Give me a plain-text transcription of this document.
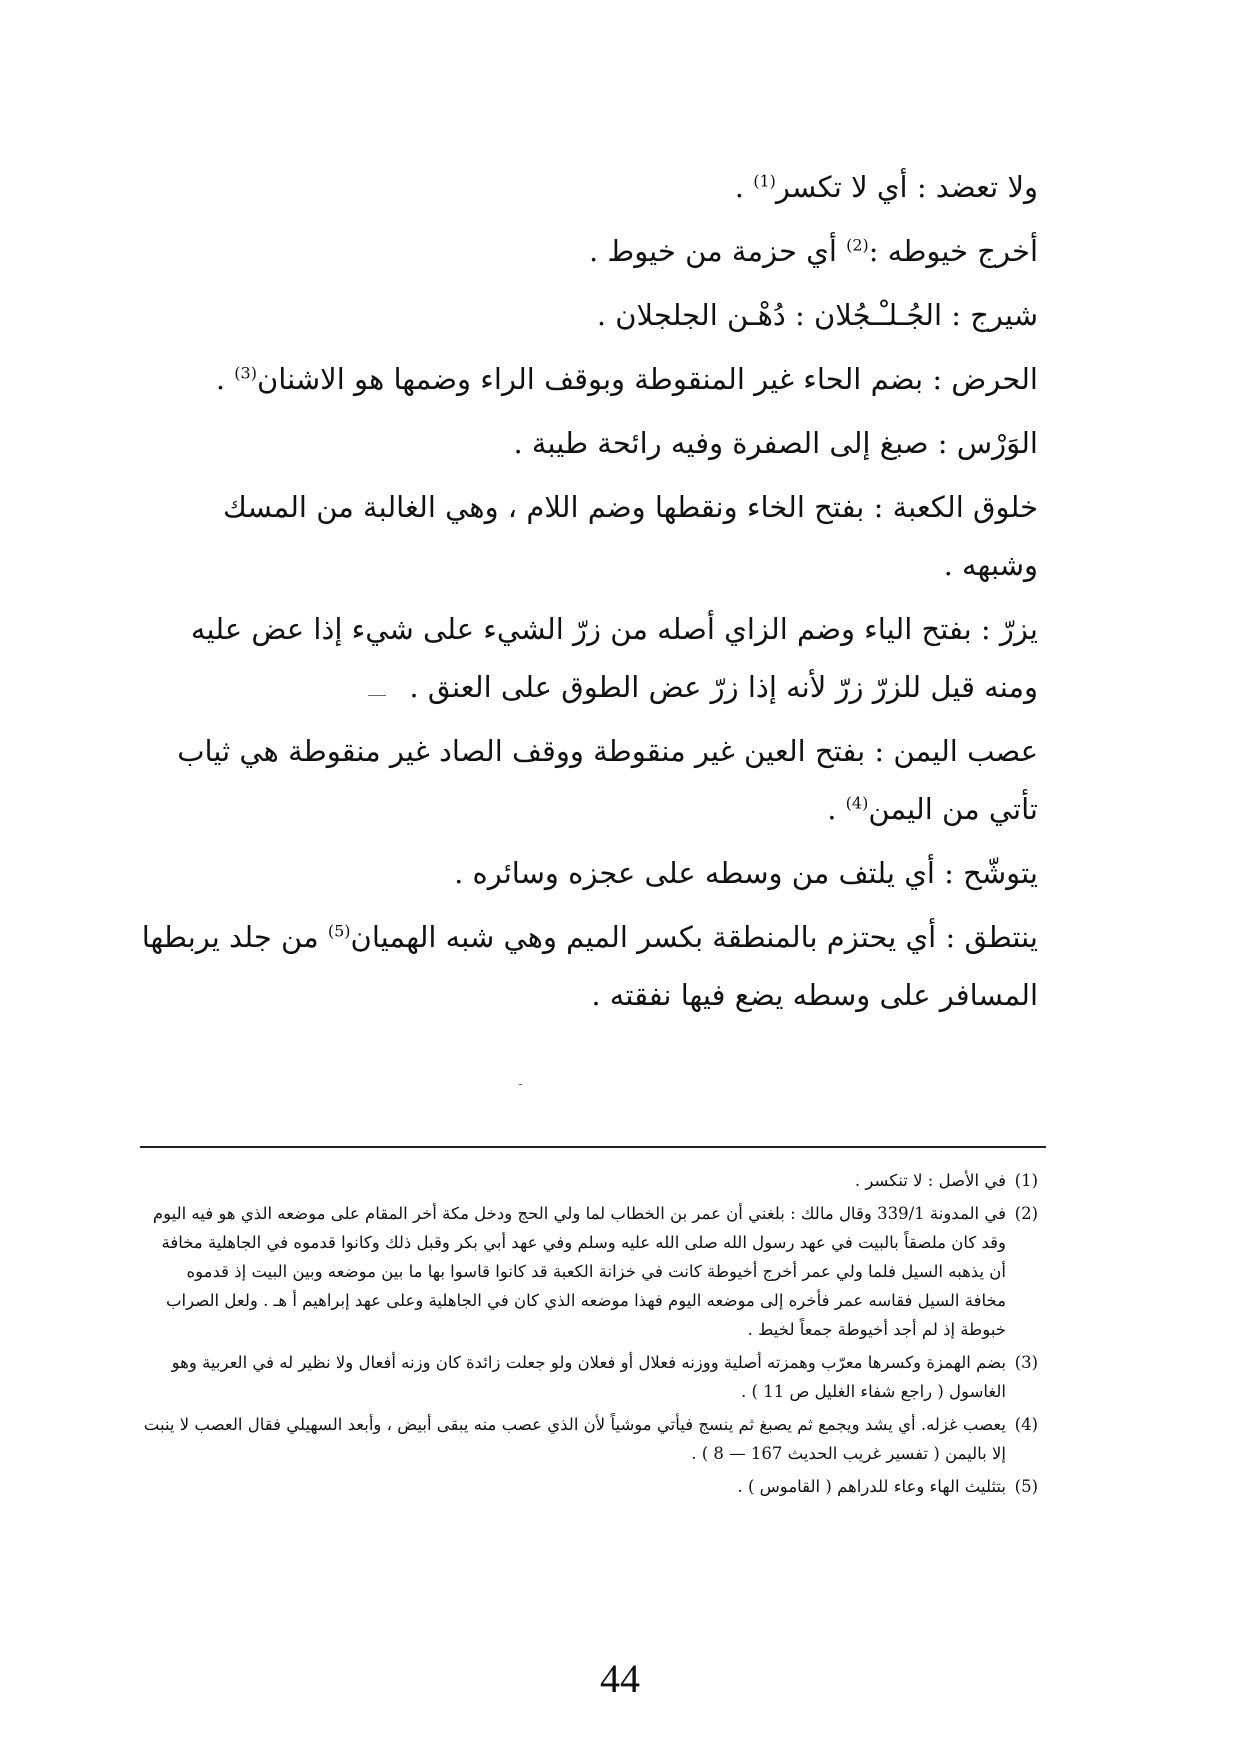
ولا تعضد : أي لا تكسر$^{(1)}$ .

أخرج خيوطه :$^{(2)}$ أي حزمة من خيوط .

شيرج : الجُـلـْـجُلان : دُهْـن الجلجلان .

الحرض : بضم الحاء غير المنقوطة وبوقف الراء وضمها هو الاشنان$^{(3)}$ .

الوَرْس : صبغ إلى الصفرة وفيه رائحة طيبة .

خلوق الكعبة : بفتح الخاء ونقطها وضم اللام ، وهي الغالبة من المسك وشبهه .

يزرّ : بفتح الياء وضم الزاي أصله من زرّ الشيء على شيء إذا عض عليه ومنه قيل للزرّ زرّ لأنه إذا زرّ عض الطوق على العنق .

عصب اليمن : بفتح العين غير منقوطة ووقف الصاد غير منقوطة هي ثياب تأتي من اليمن$^{(4)}$ .

يتوشّح : أي يلتف من وسطه على عجزه وسائره .

ينتطق : أي يحتزم بالمنطقة بكسر الميم وهي شبه الهميان$^{(5)}$ من جلد يربطها المسافر على وسطه يضع فيها نفقته .

(1)
في الأصل : لا تنكسر .
(2)
في المدونة 339/1 وقال مالك : بلغني أن عمر بن الخطاب لما ولي الحج ودخل مكة أخر المقام على موضعه الذي هو فيه اليوم وقد كان ملصقاً بالبيت في عهد رسول الله صلى الله عليه وسلم وفي عهد أبي بكر وقبل ذلك وكانوا قدموه في الجاهلية مخافة أن يذهبه السيل فلما ولي عمر أخرج أخيوطة كانت في خزانة الكعبة قد كانوا قاسوا بها ما بين موضعه وبين البيت إذ قدموه مخافة السيل فقاسه عمر فأخره إلى موضعه اليوم فهذا موضعه الذي كان في الجاهلية وعلى عهد إبراهيم أ هـ . ولعل الصراب خبوطة إذ لم أجد أخيوطة جمعاً لخيط .
(3)
بضم الهمزة وكسرها معرّب وهمزته أصلية ووزنه فعلال أو فعلان ولو جعلت زائدة كان وزنه أفعال ولا نظير له في العربية وهو الغاسول ( راجع شفاء الغليل ص 11 ) .
(4)
يعصب غزله. أي يشد ويجمع ثم يصبغ ثم ينسج فيأتي موشياً لأن الذي عصب منه يبقى أبيض ، وأبعد السهيلي فقال العصب لا ينبت إلا باليمن ( تفسير غريب الحديث 167 — 8 ) .
(5)
بتثليث الهاء وعاء للدراهم ( القاموس ) .
44
